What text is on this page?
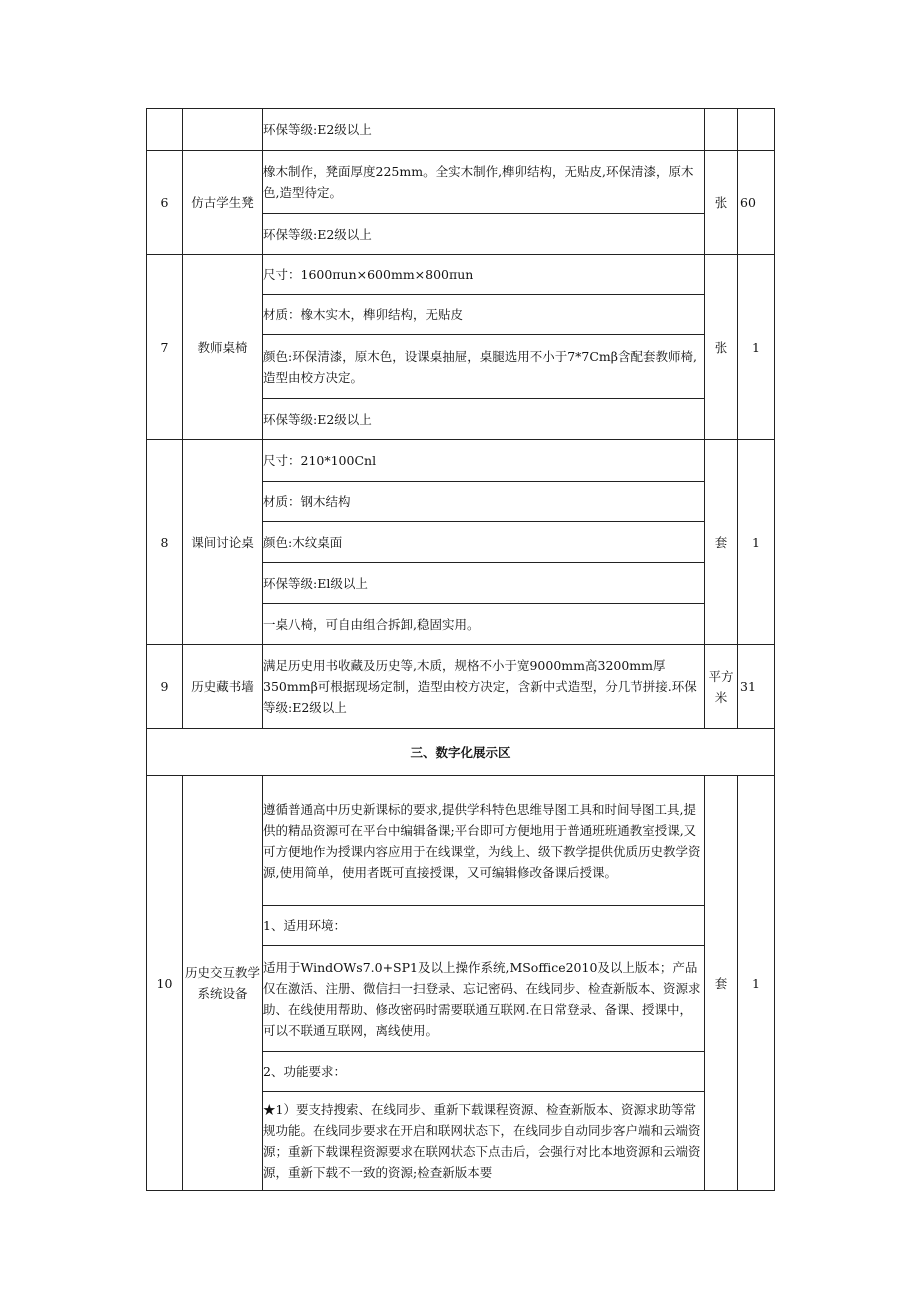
		环保等级:E2级以上		
6	仿古学生凳	橡木制作，凳面厚度225mm。全实木制作,榫卯结构，无贴皮,环保清漆，原木色,造型待定。	张	60
		环保等级:E2级以上		
7	教师桌椅	尺寸：1600πun×600mm×800πun	张	1
		材质：橡木实木，榫卯结构，无贴皮		
		颜色:环保清漆，原木色，设课桌抽屉，桌腿选用不小于7*7Cmβ含配套教师椅,造型由校方决定。		
		环保等级:E2级以上		
8	课间讨论桌	尺寸：210*100Cnl	套	1
		材质：钢木结构		
		颜色:木纹桌面		
		环保等级:El级以上		
		一桌八椅，可自由组合拆卸,稳固实用。		
9	历史藏书墙	满足历史用书收藏及历史等,木质，规格不小于宽9000mm高3200mm厚350mmβ可根据现场定制，造型由校方决定，含新中式造型，分几节拼接.环保等级:E2级以上	平方米	31
三、数字化展示区				
10	历史交互教学系统设备	遵循普通高中历史新课标的要求,提供学科特色思维导图工具和时间导图工具,提供的精品资源可在平台中编辑备课;平台即可方便地用于普通班班通教室授课,又可方便地作为授课内容应用于在线课堂，为线上、级下教学提供优质历史教学资源,使用简单，使用者既可直接授课，又可编辑修改备课后授课。	套	1
		1、适用环境：		
		适用于WindOWs7.0+SP1及以上操作系统,MSoffice2010及以上版本；产品仅在激活、注册、微信扫一扫登录、忘记密码、在线同步、检查新版本、资源求助、在线使用帮助、修改密码时需要联通互联网.在日常登录、备课、授课中，可以不联通互联网，离线使用。		
		2、功能要求：		
		★1）要支持搜索、在线同步、重新下载课程资源、检查新版本、资源求助等常规功能。在线同步要求在开启和联网状态下，在线同步自动同步客户端和云端资源；重新下载课程资源要求在联网状态下点击后，会强行对比本地资源和云端资源，重新下载不一致的资源;检查新版本要		
